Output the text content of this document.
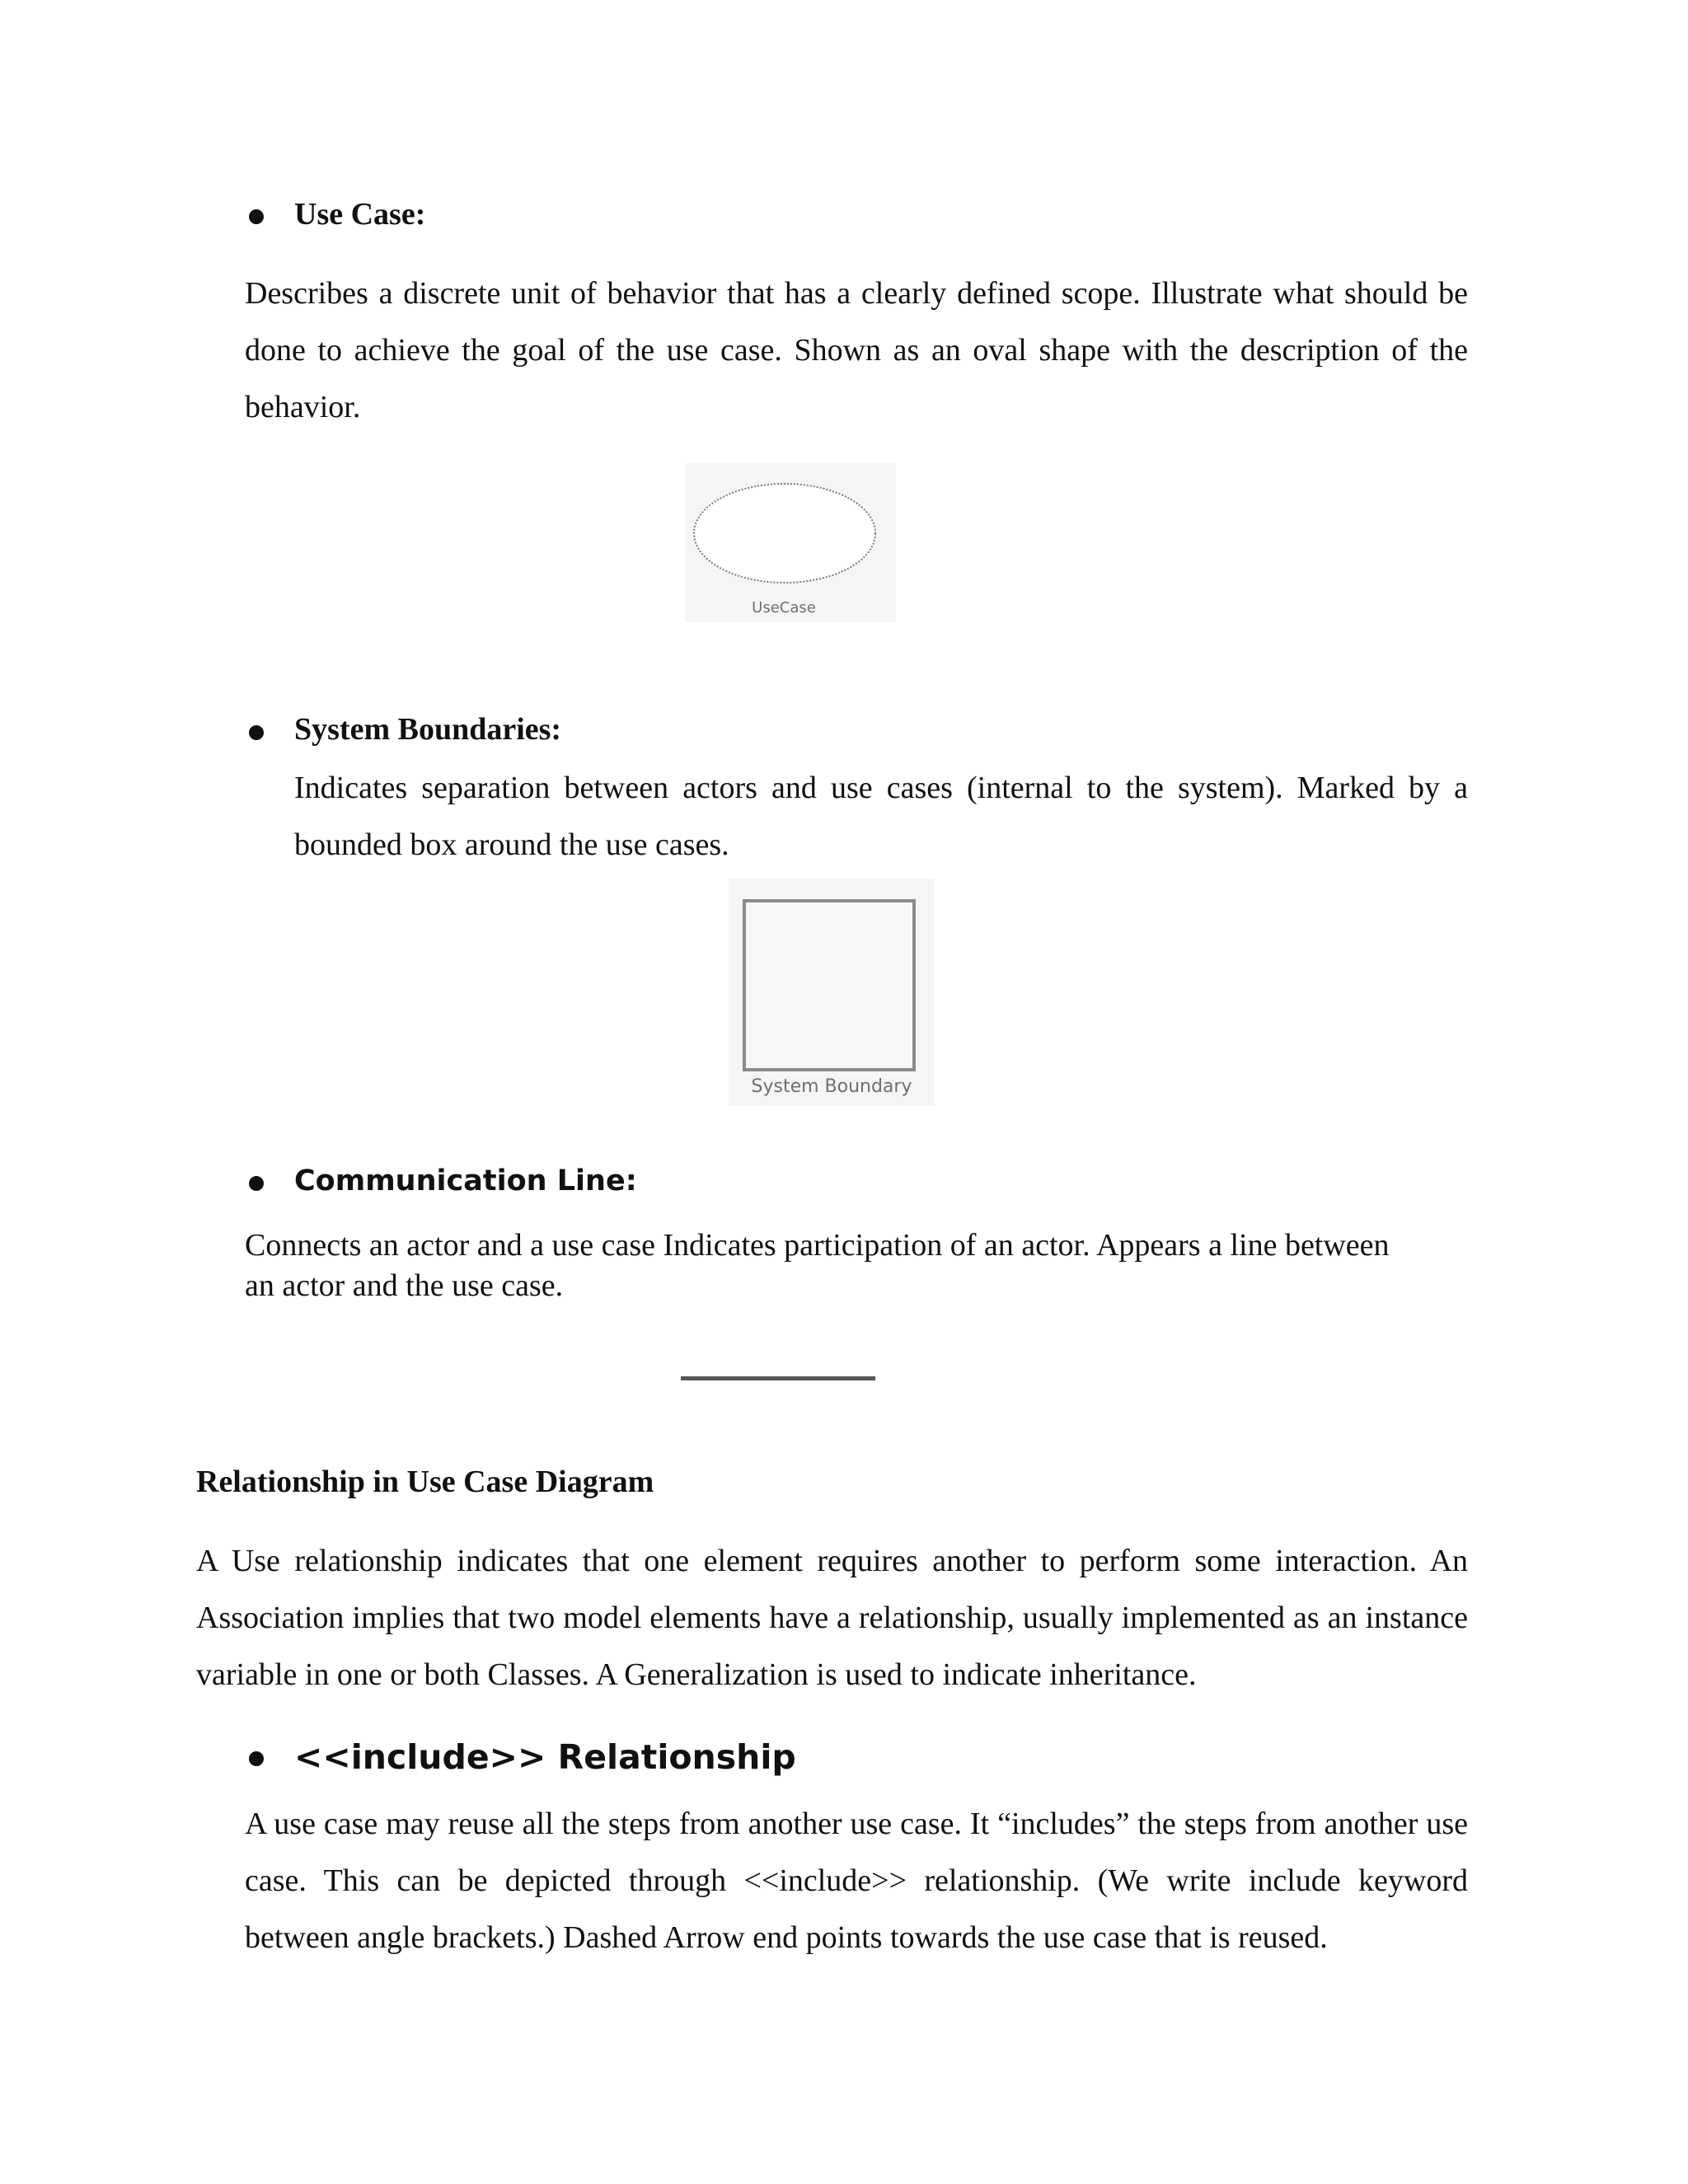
Use Case:

Describes a discrete unit of behavior that has a clearly defined scope. Illustrate what should be done to achieve the goal of the use case. Shown as an oval shape with the description of the behavior.

UseCase
System Boundaries:

Indicates separation between actors and use cases (internal to the system). Marked by a bounded box around the use cases.

System Boundary
Communication Line:
Connects an actor and a use case Indicates participation of an actor. Appears a line between
an actor and the use case.
Relationship in Use Case Diagram

A Use relationship indicates that one element requires another to perform some interaction. An Association implies that two model elements have a relationship, usually implemented as an instance variable in one or both Classes. A Generalization is used to indicate inheritance.

<<include>> Relationship

A use case may reuse all the steps from another use case. It “includes” the steps from another use case. This can be depicted through <<include>> relationship. (We write include keyword between angle brackets.) Dashed Arrow end points towards the use case that is reused.
